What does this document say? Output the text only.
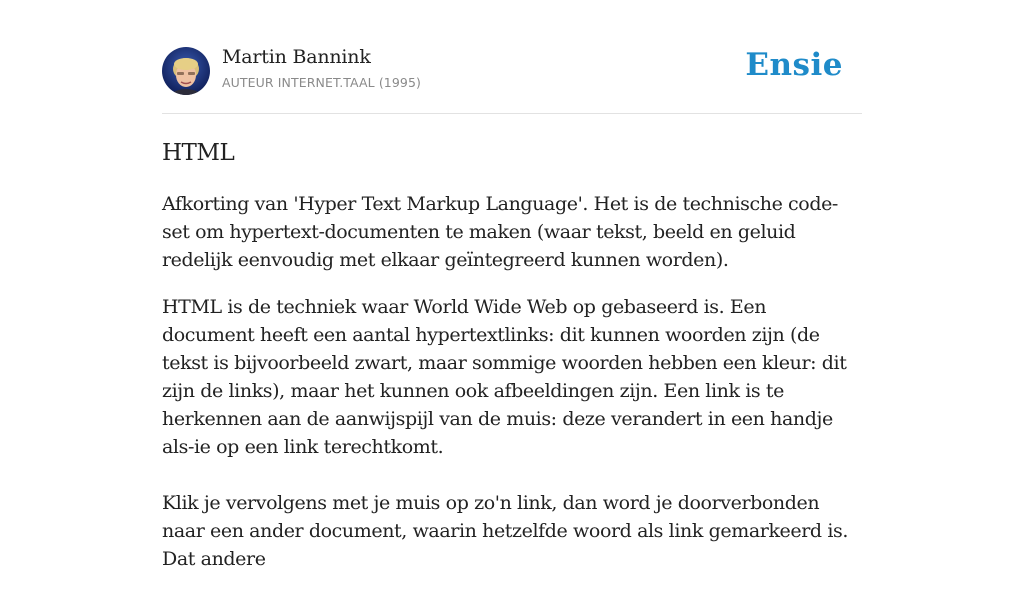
Martin Bannink
AUTEUR INTERNET.TAAL (1995)	Ensie
HTML

Afkorting van 'Hyper Text Markup Language'. Het is de technische code-set om hypertext-documenten te maken (waar tekst, beeld en geluid redelijk eenvoudig met elkaar geïntegreerd kunnen worden).

HTML is de techniek waar World Wide Web op gebaseerd is. Een document heeft een aantal hypertextlinks: dit kunnen woorden zijn (de tekst is bijvoorbeeld zwart, maar sommige woorden hebben een kleur: dit zijn de links), maar het kunnen ook afbeeldingen zijn. Een link is te herkennen aan de aanwijspijl van de muis: deze verandert in een handje als-ie op een link terechtkomt.

Klik je vervolgens met je muis op zo'n link, dan word je doorverbonden naar een ander document, waarin hetzelfde woord als link gemarkeerd is. Dat andere
